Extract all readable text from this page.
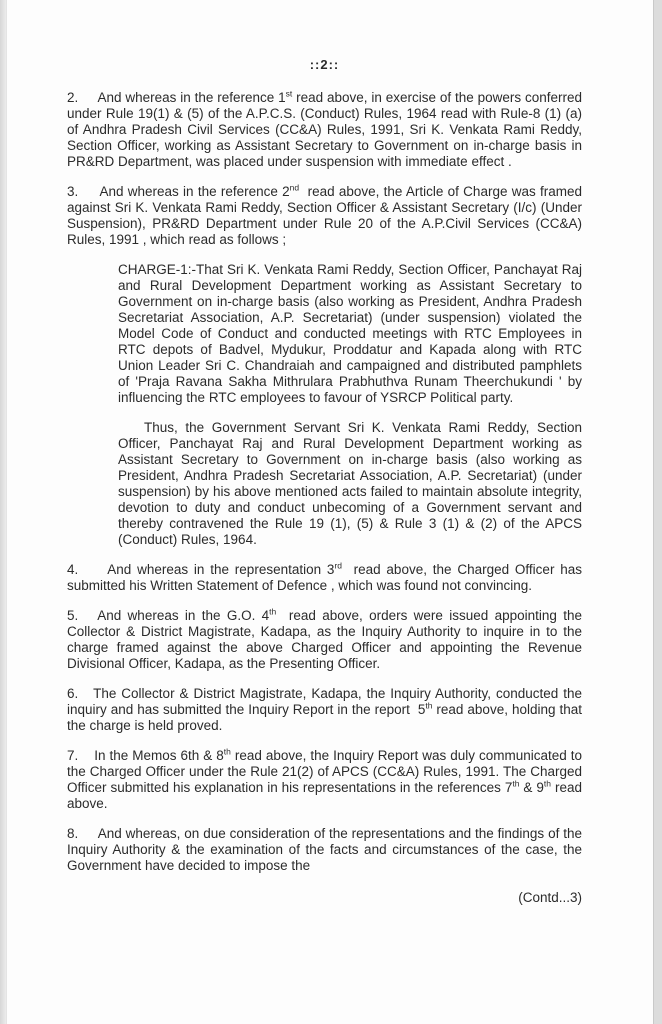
::2::

2.     And whereas in the reference 1st read above, in exercise of the powers conferred under Rule 19(1) & (5) of the A.P.C.S. (Conduct) Rules, 1964 read with Rule-8 (1) (a) of Andhra Pradesh Civil Services (CC&A) Rules, 1991, Sri K. Venkata Rami Reddy, Section Officer, working as Assistant Secretary to Government on in-charge basis in PR&RD Department, was placed under suspension with immediate effect .

3.     And whereas in the reference 2nd  read above, the Article of Charge was framed against Sri K. Venkata Rami Reddy, Section Officer & Assistant Secretary (I/c) (Under Suspension), PR&RD Department under Rule 20 of the A.P.Civil Services (CC&A) Rules, 1991 , which read as follows ;

CHARGE-1:-That Sri K. Venkata Rami Reddy, Section Officer, Panchayat Raj and Rural Development Department working as Assistant Secretary to Government on in-charge basis (also working as President, Andhra Pradesh Secretariat Association, A.P. Secretariat) (under suspension) violated the Model Code of Conduct and conducted meetings with RTC Employees in RTC depots of Badvel, Mydukur, Proddatur and Kapada along with RTC Union Leader Sri C. Chandraiah and campaigned and distributed pamphlets of 'Praja Ravana Sakha Mithrulara Prabhuthva Runam Theerchukundi ' by influencing the RTC employees to favour of YSRCP Political party.

Thus, the Government Servant Sri K. Venkata Rami Reddy, Section Officer, Panchayat Raj and Rural Development Department working as Assistant Secretary to Government on in-charge basis (also working as President, Andhra Pradesh Secretariat Association, A.P. Secretariat) (under suspension) by his above mentioned acts failed to maintain absolute integrity, devotion to duty and conduct unbecoming of a Government servant and thereby contravened the Rule 19 (1), (5) & Rule 3 (1) & (2) of the APCS (Conduct) Rules, 1964.

4.     And whereas in the representation 3rd  read above, the Charged Officer has submitted his Written Statement of Defence , which was found not convincing.

5.   And whereas in the G.O. 4th  read above, orders were issued appointing the Collector & District Magistrate, Kadapa, as the Inquiry Authority to inquire in to the charge framed against the above Charged Officer and appointing the Revenue Divisional Officer, Kadapa, as the Presenting Officer.

6.   The Collector & District Magistrate, Kadapa, the Inquiry Authority, conducted the inquiry and has submitted the Inquiry Report in the report  5th read above, holding that the charge is held proved.

7.    In the Memos 6th & 8th read above, the Inquiry Report was duly communicated to the Charged Officer under the Rule 21(2) of APCS (CC&A) Rules, 1991. The Charged Officer submitted his explanation in his representations in the references 7th & 9th read above.

8.     And whereas, on due consideration of the representations and the findings of the Inquiry Authority & the examination of the facts and circumstances of the case, the Government have decided to impose the

(Contd...3)
